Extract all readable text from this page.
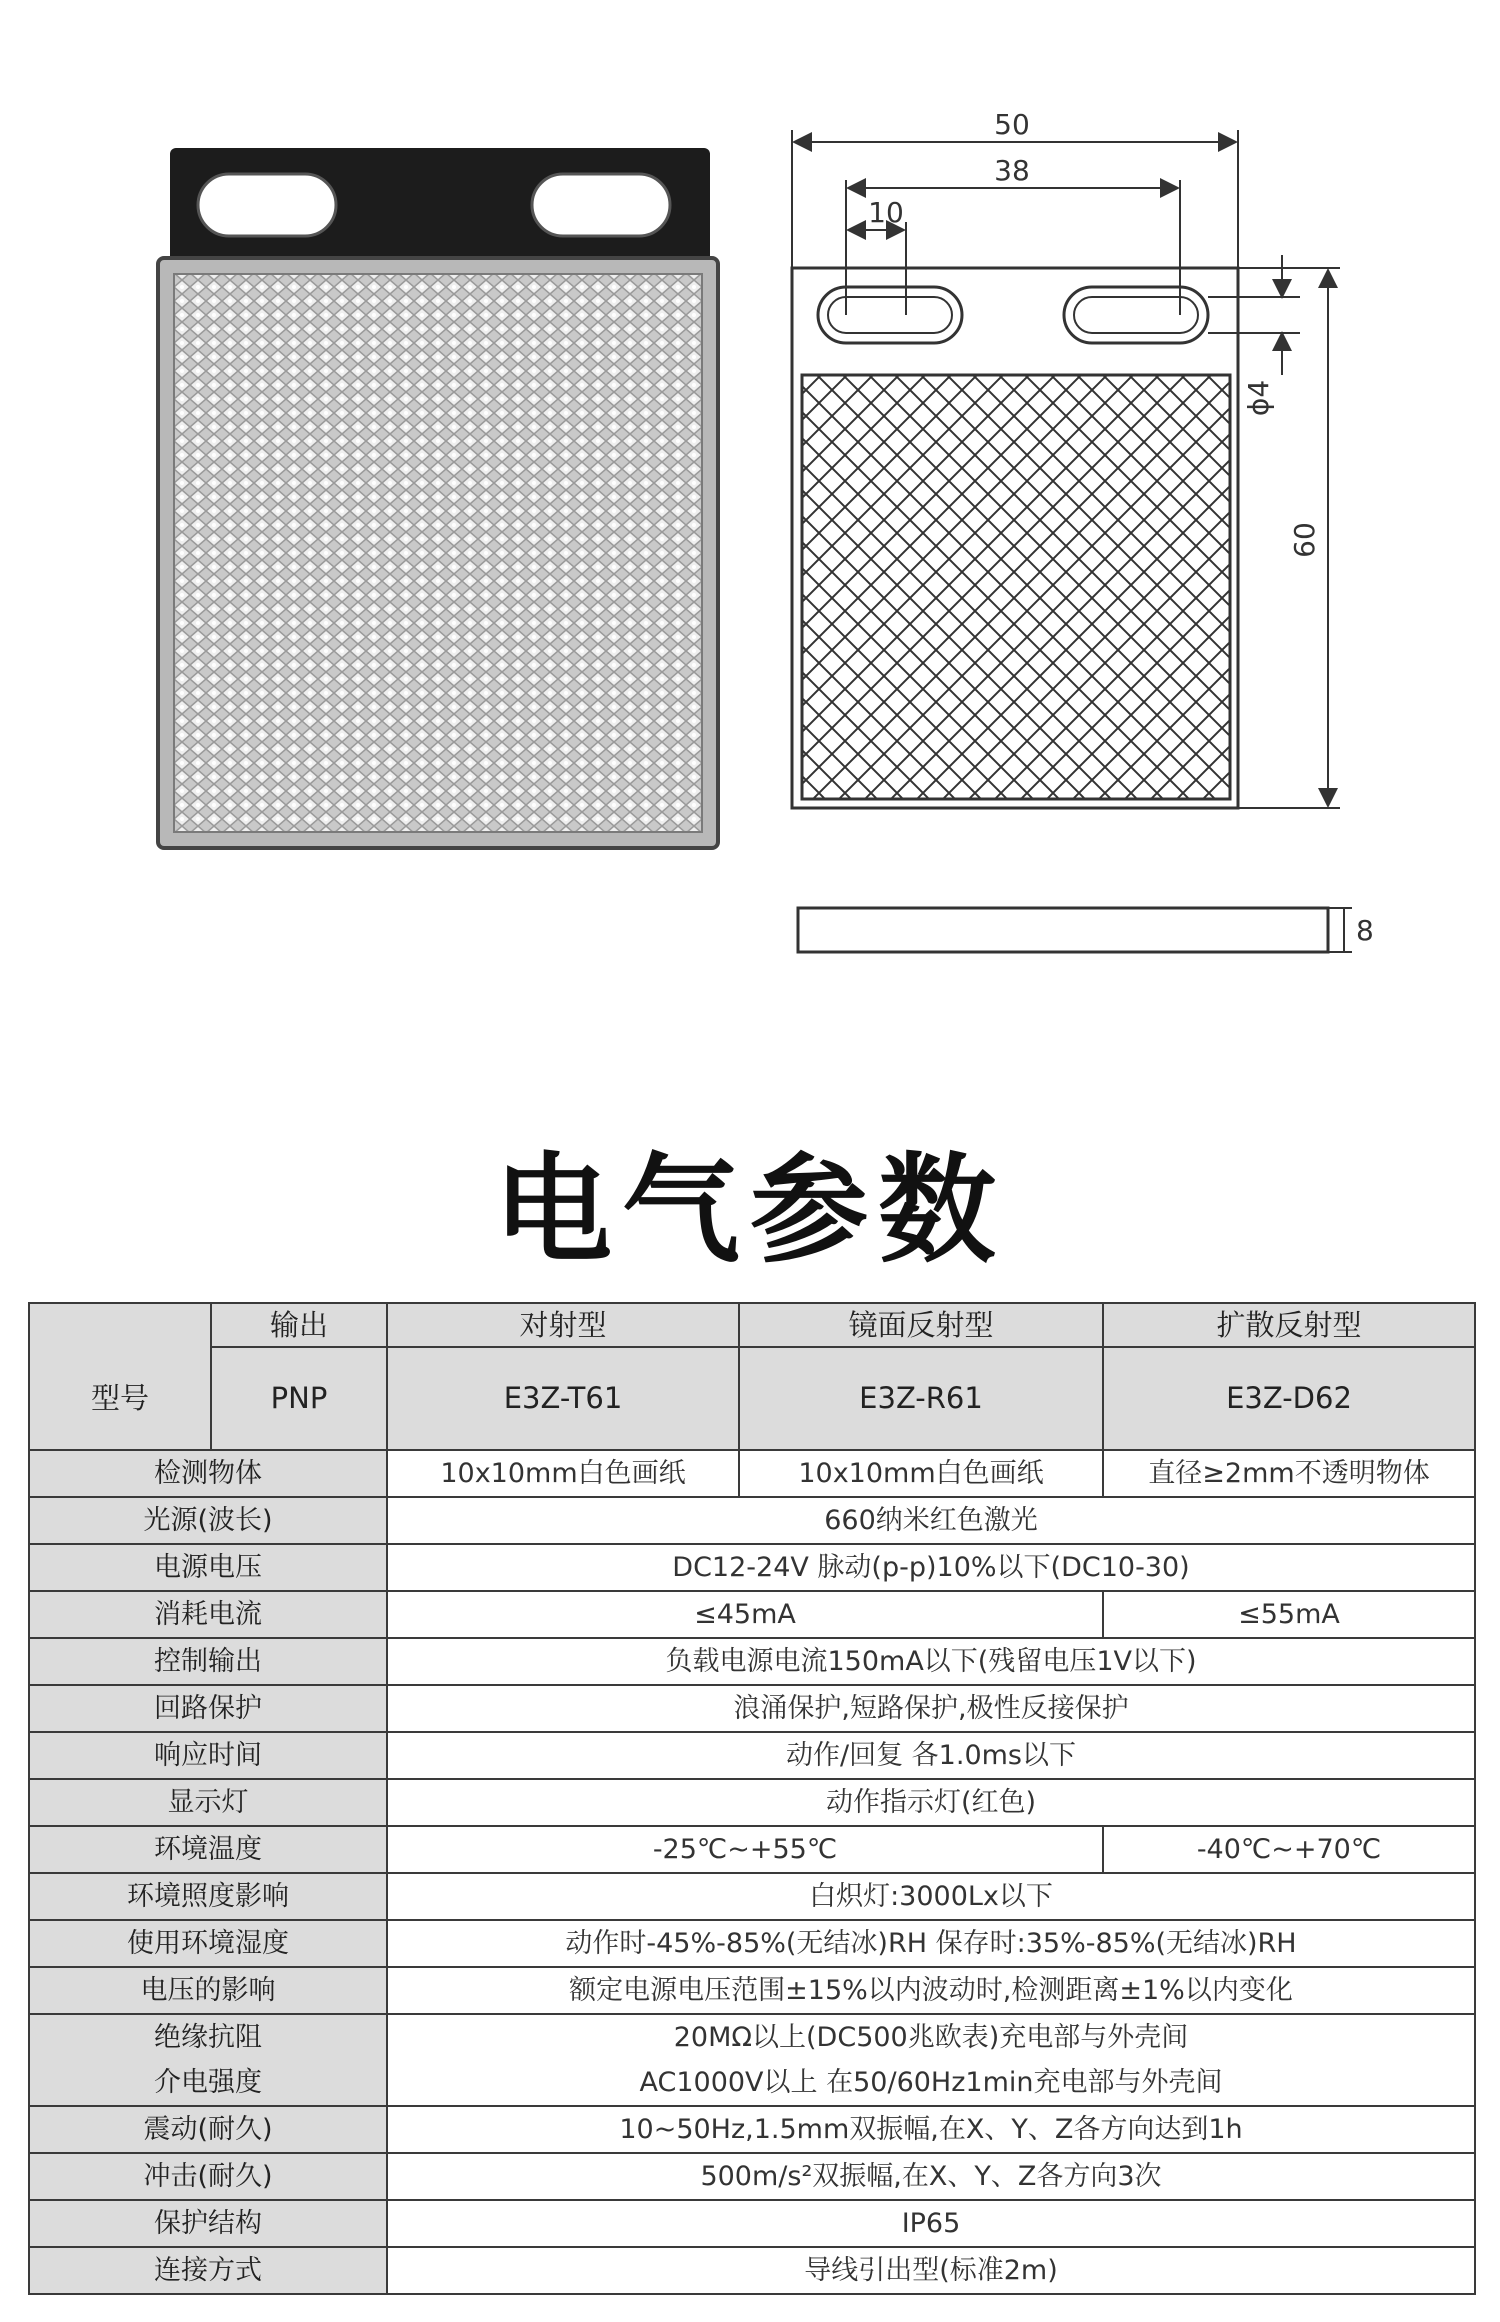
50
38
10
ϕ4
60
8
电气参数
	输出	对射型	镜面反射型	扩散反射型
型号	PNP	E3Z-T61	E3Z-R61	E3Z-D62
检测物体		10x10mm白色画纸	10x10mm白色画纸	直径≥2mm不透明物体
光源(波长)		660纳米红色激光		
电源电压		DC12-24V 脉动(p-p)10%以下(DC10-30)		
消耗电流		≤45mA		≤55mA
控制输出		负载电源电流150mA以下(残留电压1V以下)		
回路保护		浪涌保护,短路保护,极性反接保护		
响应时间		动作/回复 各1.0ms以下		
显示灯		动作指示灯(红色)		
环境温度		-25℃~+55℃		-40℃~+70℃
环境照度影响		白炽灯:3000Lx以下		
使用环境湿度		动作时-45%-85%(无结冰)RH 保存时:35%-85%(无结冰)RH		
电压的影响		额定电源电压范围±15%以内波动时,检测距离±1%以内变化		
绝缘抗阻		20MΩ以上(DC500兆欧表)充电部与外壳间		
介电强度		AC1000V以上 在50/60Hz1min充电部与外壳间		
震动(耐久)		10~50Hz,1.5mm双振幅,在X、Y、Z各方向达到1h		
冲击(耐久)		500m/s²双振幅,在X、Y、Z各方向3次		
保护结构		IP65		
连接方式		导线引出型(标准2m)		
